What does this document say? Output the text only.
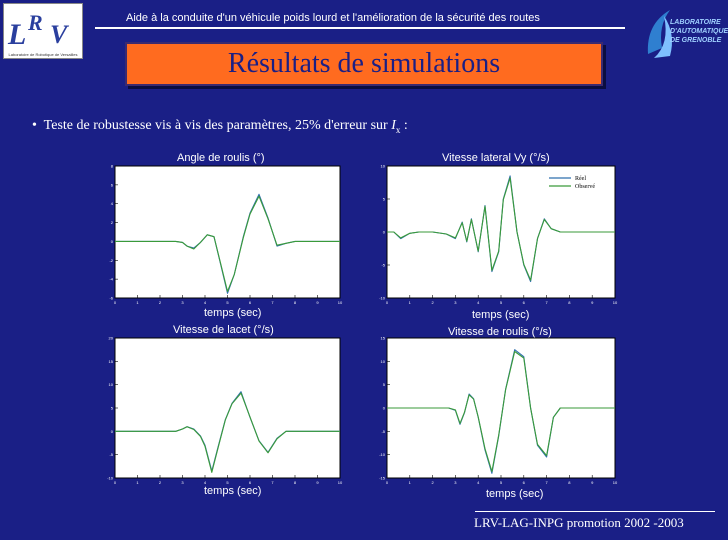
L R V
Laboratoire de Robotique de Versailles
Aide à la conduite d'un véhicule poids lourd et l'amélioration de la sécurité des routes	LABORATOIRE
D'AUTOMATIQUE
DE GRENOBLE
Résultats de simulations
•  Teste de robustesse vis à vis des paramètres, 25% d'erreur sur $I_x$ :
Angle de roulis (°)	Vitesse lateral Vy (°/s)
temps (sec)	temps (sec)
Vitesse de lacet (°/s)	Vitesse de roulis (°/s)
temps (sec)	temps (sec)
0	1	2	3	4	5	6	7	8	9	10
-6
-4
-2
0
2
4
6
8
0	1	2	3	4	5	6	7	8	9	10
-10
-5
0
5
10
Réel
Observé
0	1	2	3	4	5	6	7	8	9	10
-10
-5
0
5
10
15
20
0	1	2	3	4	5	6	7	8	9	10
-15
-10
-5
0
5
10
15
LRV-LAG-INPG promotion 2002 -2003
